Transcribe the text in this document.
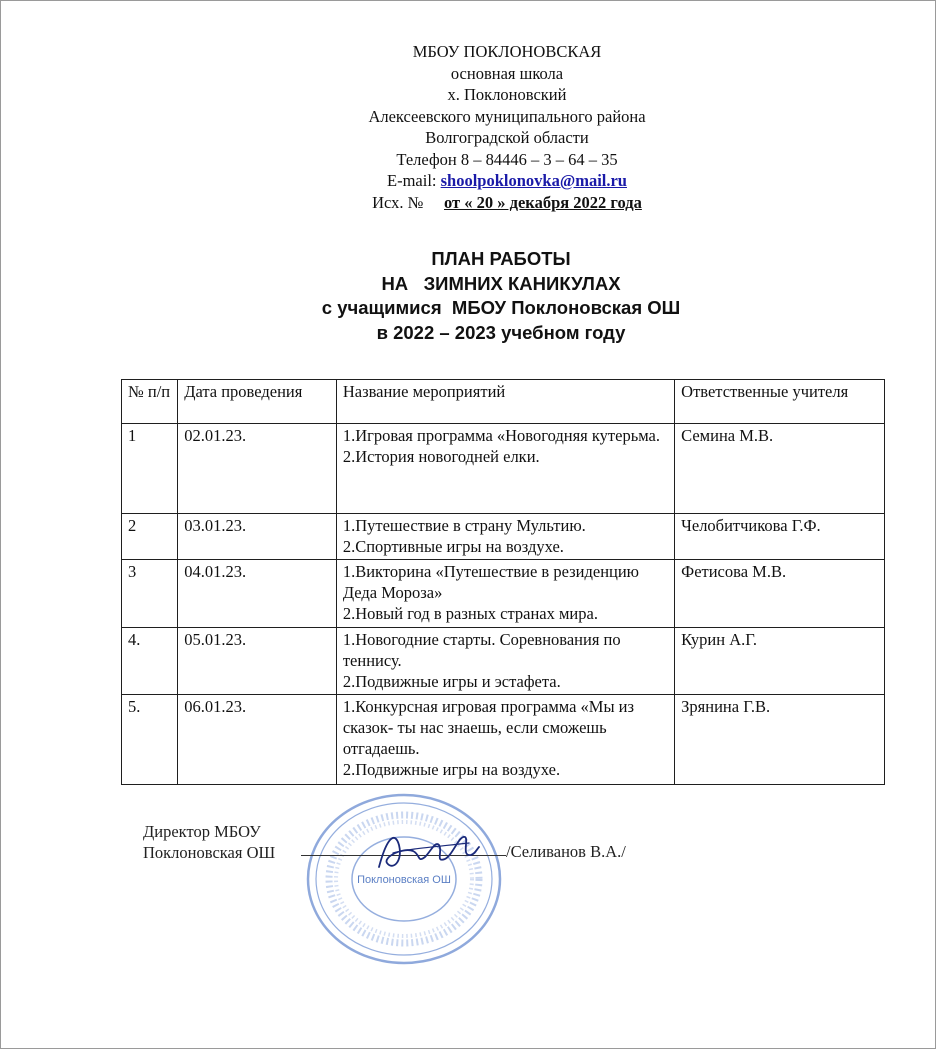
МБОУ ПОКЛОНОВСКАЯ
основная школа
х. Поклоновский
Алексеевского муниципального района
Волгоградской области
Телефон 8 – 84446 – 3 – 64 – 35
E-mail: shoolpoklonovka@mail.ru
Исх. № от « 20 » декабря 2022 года
ПЛАН РАБОТЫ
НА   ЗИМНИХ КАНИКУЛАХ
с учащимися  МБОУ Поклоновская ОШ
в 2022 – 2023 учебном году
№ п/п	Дата проведения	Название мероприятий	Ответственные учителя
1	02.01.23.	1.Игровая программа «Новогодняя кутерьма.
2.История новогодней елки.	Семина М.В.
2	03.01.23.	1.Путешествие в страну Мультию.
2.Спортивные игры на воздухе.	Челобитчикова Г.Ф.
3	04.01.23.	1.Викторина «Путешествие в резиденцию Деда Мороза»
2.Новый год в разных странах мира.	Фетисова М.В.
4.	05.01.23.	1.Новогодние старты. Соревнования по теннису.
2.Подвижные игры и эстафета.	Курин А.Г.
5.	06.01.23.	1.Конкурсная игровая программа «Мы из сказок- ты нас знаешь, если сможешь отгадаешь.
2.Подвижные игры на воздухе.	Зрянина Г.В.
Поклоновская ОШ
Директор МБОУ
Поклоновская ОШ	/Селиванов В.А./
